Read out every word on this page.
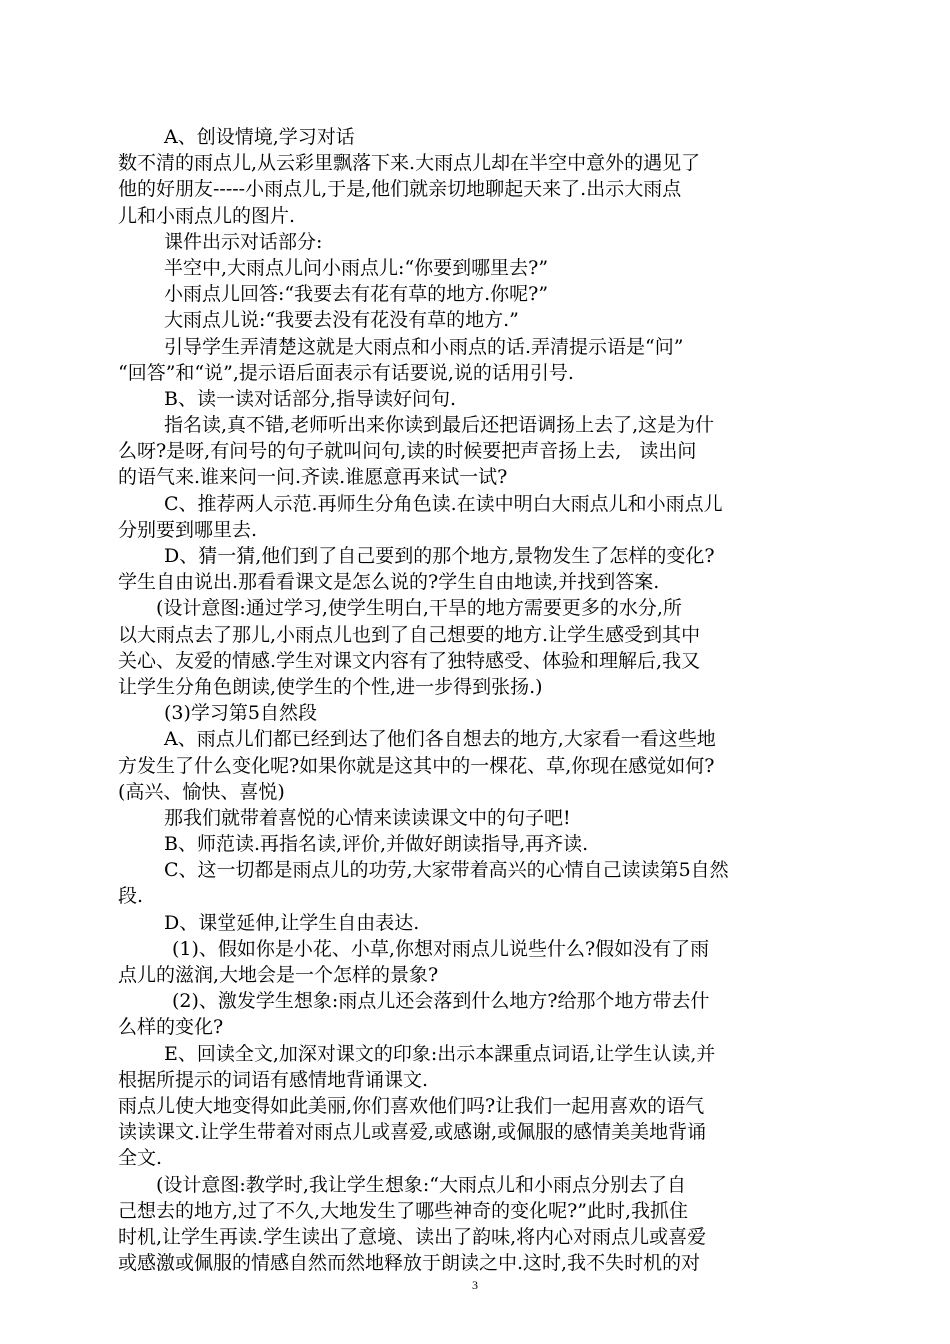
A、创设情境,学习对话
数不清的雨点儿,从云彩里飘落下来.大雨点儿却在半空中意外的遇见了
他的好朋友-----小雨点儿,于是,他们就亲切地聊起天来了.出示大雨点
儿和小雨点儿的图片.
课件出示对话部分:
半空中,大雨点儿问小雨点儿:“你要到哪里去?”
小雨点儿回答:“我要去有花有草的地方.你呢?”
大雨点儿说:“我要去没有花没有草的地方.”
引导学生弄清楚这就是大雨点和小雨点的话.弄清提示语是“问”
“回答”和“说”,提示语后面表示有话要说,说的话用引号.
B、读一读对话部分,指导读好问句.
指名读,真不错,老师听出来你读到最后还把语调扬上去了,这是为什
么呀?是呀,有问号的句子就叫问句,读的时候要把声音扬上去,   读出问
的语气来.谁来问一问.齐读.谁愿意再来试一试?
C、推荐两人示范.再师生分角色读.在读中明白大雨点儿和小雨点儿
分别要到哪里去.
D、猜一猜,他们到了自己要到的那个地方,景物发生了怎样的变化?
学生自由说出.那看看课文是怎么说的?学生自由地读,并找到答案.
(设计意图:通过学习,使学生明白,干旱的地方需要更多的水分,所
以大雨点去了那儿,小雨点儿也到了自己想要的地方.让学生感受到其中
关心、友爱的情感.学生对课文内容有了独特感受、体验和理解后,我又
让学生分角色朗读,使学生的个性,进一步得到张扬.)
(3)学习第5自然段
A、雨点儿们都已经到达了他们各自想去的地方,大家看一看这些地
方发生了什么变化呢?如果你就是这其中的一棵花、草,你现在感觉如何?
(高兴、愉快、喜悦)
那我们就带着喜悦的心情来读读课文中的句子吧!
B、师范读.再指名读,评价,并做好朗读指导,再齐读.
C、这一切都是雨点儿的功劳,大家带着高兴的心情自己读读第5自然
段.
D、课堂延伸,让学生自由表达.
(1)、假如你是小花、小草,你想对雨点儿说些什么?假如没有了雨
点儿的滋润,大地会是一个怎样的景象?
(2)、激发学生想象:雨点儿还会落到什么地方?给那个地方带去什
么样的变化?
E、回读全文,加深对课文的印象:出示本課重点词语,让学生认读,并
根据所提示的词语有感情地背诵课文.
雨点儿使大地变得如此美丽,你们喜欢他们吗?让我们一起用喜欢的语气
读读课文.让学生带着对雨点儿或喜爱,或感谢,或佩服的感情美美地背诵
全文.
(设计意图:教学时,我让学生想象:“大雨点儿和小雨点分别去了自
己想去的地方,过了不久,大地发生了哪些神奇的变化呢?”此时,我抓住
时机,让学生再读.学生读出了意境、读出了韵味,将内心对雨点儿或喜爱
或感激或佩服的情感自然而然地释放于朗读之中.这时,我不失时机的对
3
